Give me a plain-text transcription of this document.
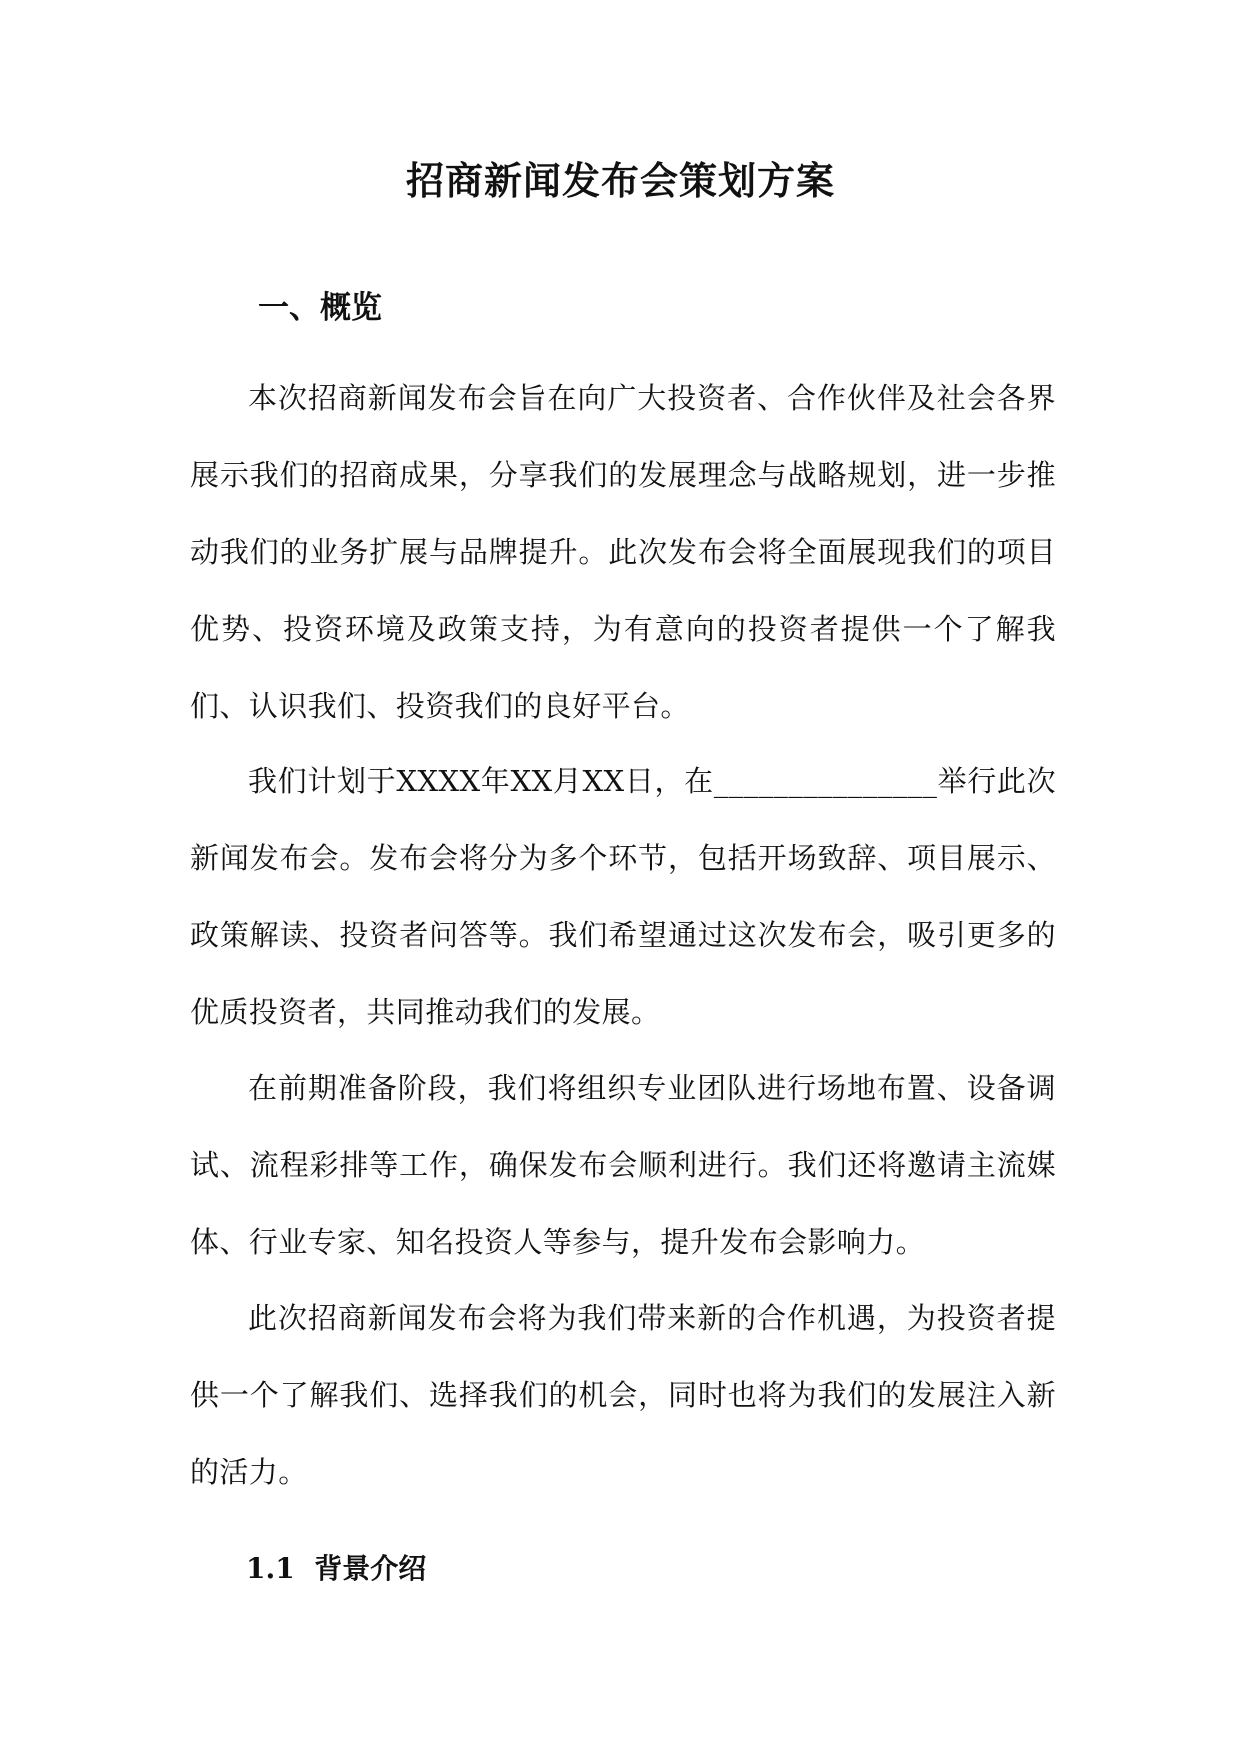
招商新闻发布会策划方案
一、概览

本次招商新闻发布会旨在向广大投资者、合作伙伴及社会各界展示我们的招商成果，分享我们的发展理念与战略规划，进一步推动我们的业务扩展与品牌提升。此次发布会将全面展现我们的项目优势、投资环境及政策支持，为有意向的投资者提供一个了解我们、认识我们、投资我们的良好平台。

我们计划于XXXX年XX月XX日，在_______________举行此次新闻发布会。发布会将分为多个环节，包括开场致辞、项目展示、政策解读、投资者问答等。我们希望通过这次发布会，吸引更多的优质投资者，共同推动我们的发展。

在前期准备阶段，我们将组织专业团队进行场地布置、设备调试、流程彩排等工作，确保发布会顺利进行。我们还将邀请主流媒体、行业专家、知名投资人等参与，提升发布会影响力。

此次招商新闻发布会将为我们带来新的合作机遇，为投资者提供一个了解我们、选择我们的机会，同时也将为我们的发展注入新的活力。

1.1  背景介绍
